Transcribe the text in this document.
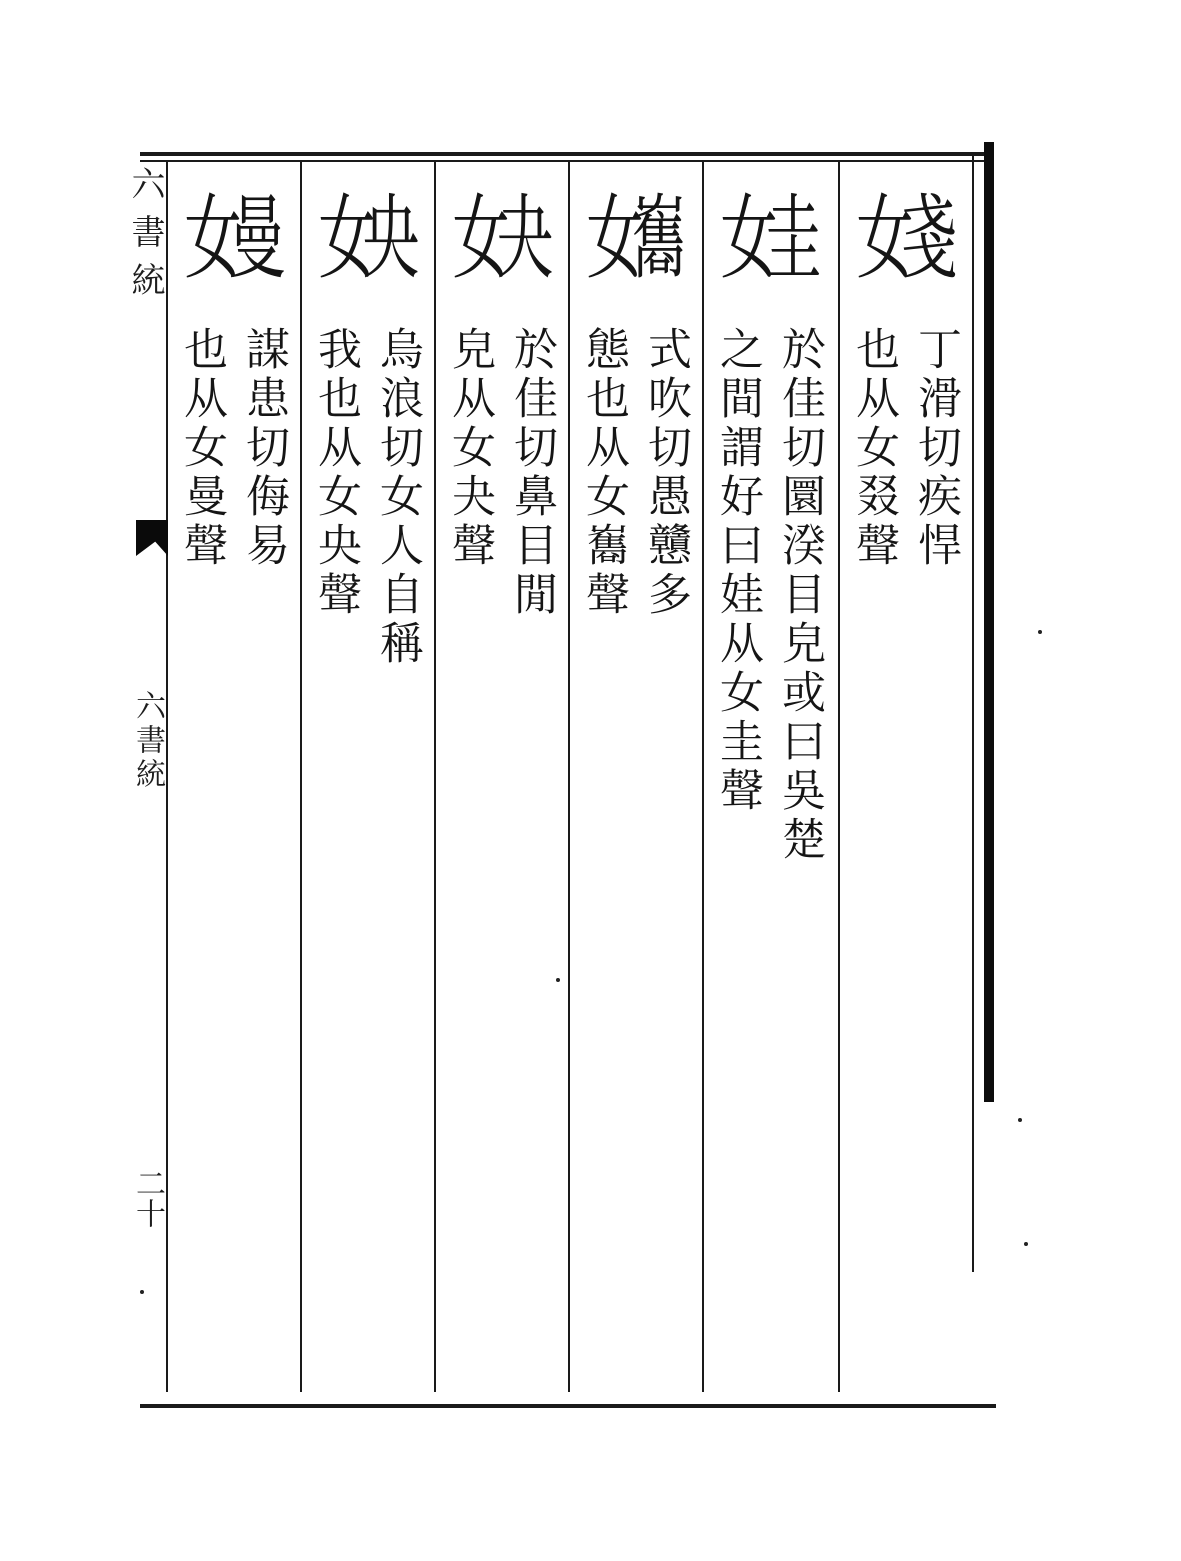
六書統
六書統
二十
女
戔
丁滑切疾悍
也从女叕聲
女
圭
於佳切圜湀目皃或曰吳楚
之間謂好曰娃从女圭聲
女
雟
式吹切愚戇多
態也从女雟聲
女
夬
於佳切鼻目閒
皃从女夬聲
女
央
烏浪切女人自稱
我也从女央聲
女
曼
謀患切侮易
也从女曼聲
